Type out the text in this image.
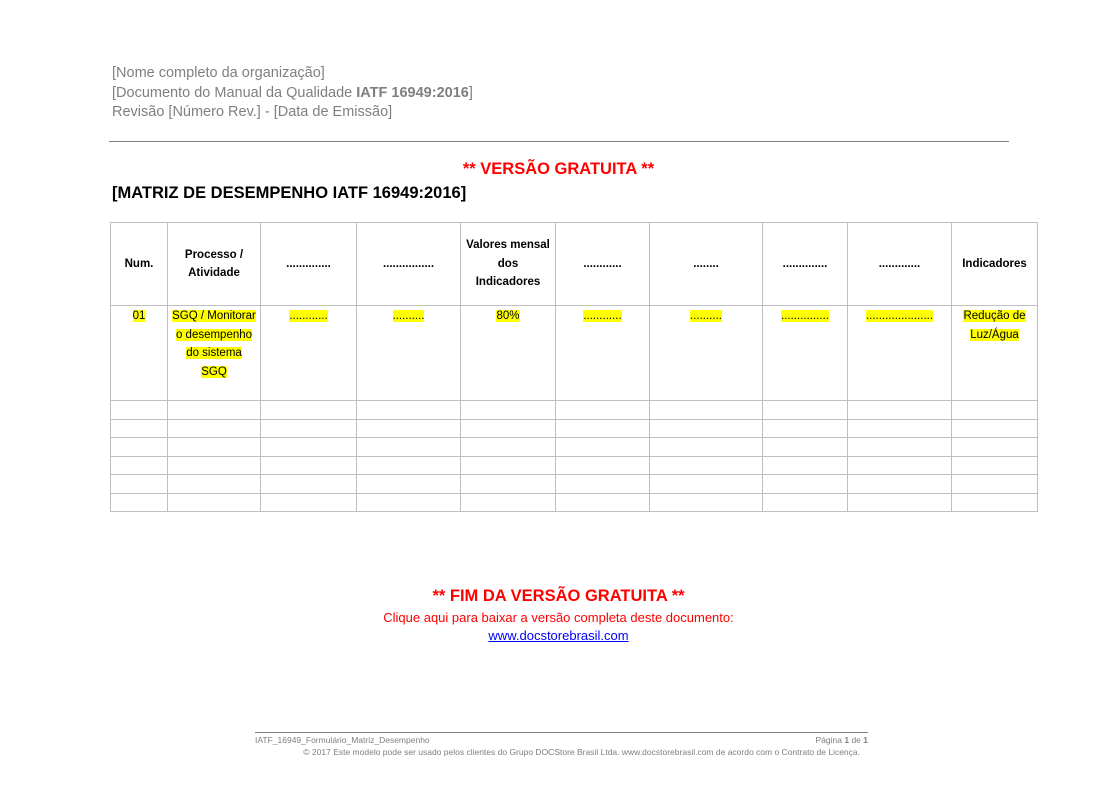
[Nome completo da organização]
[Documento do Manual da Qualidade IATF 16949:2016]
Revisão [Número Rev.] - [Data de Emissão]
** VERSÃO GRATUITA **
[MATRIZ DE DESEMPENHO IATF 16949:2016]
Num.	Processo / Atividade	..............	................	Valores mensal dos Indicadores	............	........	..............	.............	Indicadores
01	SGQ / Monitorar o desempenho do sistema SGQ	............	..........	80%	............	..........	...............	.....................	Redução de Luz/Água

** FIM DA VERSÃO GRATUITA **
Clique aqui para baixar a versão completa deste documento:
www.docstorebrasil.com
IATF_16949_Formulário_Matriz_Desempenho	Página 1 de 1
© 2017 Este modelo pode ser usado pelos clientes do Grupo DOCStore Brasil Ltda. www.docstorebrasil.com de acordo com o Contrato de Licença.
